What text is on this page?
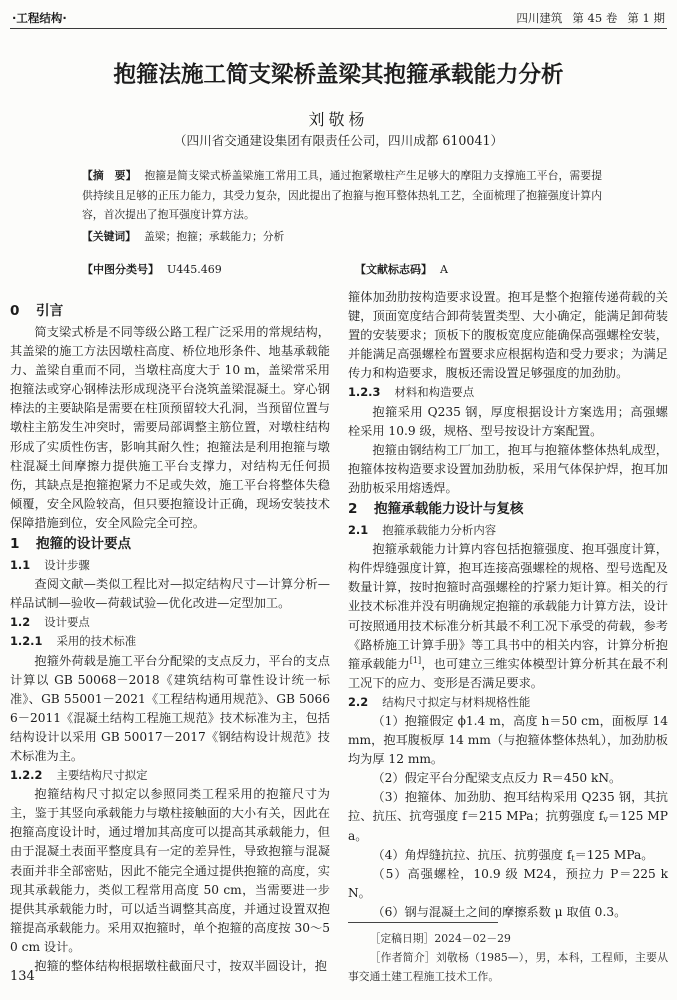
·工程结构·	四川建筑 第 45 卷 第 1 期
抱箍法施工简支梁桥盖梁其抱箍承载能力分析
刘敬杨
（四川省交通建设集团有限责任公司，四川成都 610041）
【摘　要】 抱箍是简支梁式桥盖梁施工常用工具，通过抱紧墩柱产生足够大的摩阻力支撑施工平台，需要提供持续且足够的正压力能力，其受力复杂，因此提出了抱箍与抱耳整体热轧工艺，全面梳理了抱箍强度计算内容，首次提出了抱耳强度计算方法。
【关键词】 盖梁；抱箍；承载能力；分析
【中图分类号】 U445.469	【文献标志码】 A
0 引言

简支梁式桥是不同等级公路工程广泛采用的常规结构，其盖梁的施工方法因墩柱高度、桥位地形条件、地基承载能力、盖梁自重而不同，当墩柱高度大于 10 m，盖梁常采用抱箍法或穿心钢棒法形成现浇平台浇筑盖梁混凝土。穿心钢棒法的主要缺陷是需要在柱顶预留较大孔洞，当预留位置与墩柱主筋发生冲突时，需要局部调整主筋位置，对墩柱结构形成了实质性伤害，影响其耐久性；抱箍法是利用抱箍与墩柱混凝土间摩擦力提供施工平台支撑力，对结构无任何损伤，其缺点是抱箍抱紧力不足或失效，施工平台将整体失稳倾覆，安全风险较高，但只要抱箍设计正确，现场安装技术保障措施到位，安全风险完全可控。

1 抱箍的设计要点
1.1 设计步骤

查阅文献—类似工程比对—拟定结构尺寸—计算分析—样品试制—验收—荷载试验—优化改进—定型加工。

1.2 设计要点
1.2.1 采用的技术标准

抱箍外荷载是施工平台分配梁的支点反力，平台的支点计算以 GB 50068－2018《建筑结构可靠性设计统一标准》、GB 55001－2021《工程结构通用规范》、GB 50666－2011《混凝土结构工程施工规范》技术标准为主，包括结构设计以采用 GB 50017－2017《钢结构设计规范》技术标准为主。

1.2.2 主要结构尺寸拟定

抱箍结构尺寸拟定以参照同类工程采用的抱箍尺寸为主，鉴于其竖向承载能力与墩柱接触面的大小有关，因此在抱箍高度设计时，通过增加其高度可以提高其承载能力，但由于混凝土表面平整度具有一定的差异性，导致抱箍与混凝表面并非全部密贴，因此不能完全通过提供抱箍的高度，实现其承载能力，类似工程常用高度 50 cm，当需要进一步提供其承载能力时，可以适当调整其高度，并通过设置双抱箍提高承载能力。采用双抱箍时，单个抱箍的高度按 30～50 cm 设计。

抱箍的整体结构根据墩柱截面尺寸，按双半圆设计，抱

箍体加劲肋按构造要求设置。抱耳是整个抱箍传递荷载的关键，顶面宽度结合卸荷装置类型、大小确定，能满足卸荷装置的安装要求；顶板下的腹板宽度应能确保高强螺栓安装，并能满足高强螺栓布置要求应根据构造和受力要求；为满足传力和构造要求，腹板还需设置足够强度的加劲肋。

1.2.3 材料和构造要点

抱箍采用 Q235 钢，厚度根据设计方案选用；高强螺栓采用 10.9 级，规格、型号按设计方案配置。

抱箍由钢结构工厂加工，抱耳与抱箍体整体热轧成型，抱箍体按构造要求设置加劲肋板，采用气体保护焊，抱耳加劲肋板采用熔透焊。

2 抱箍承载能力设计与复核
2.1 抱箍承载能力分析内容

抱箍承载能力计算内容包括抱箍强度、抱耳强度计算，构件焊缝强度计算，抱耳连接高强螺栓的规格、型号选配及数量计算，按时抱箍时高强螺栓的拧紧力矩计算。相关的行业技术标准并没有明确规定抱箍的承载能力计算方法，设计可按照通用技术标准分析其最不利工况下承受的荷载，参考《路桥施工计算手册》等工具书中的相关内容，计算分析抱箍承载能力[1]，也可建立三维实体模型计算分析其在最不利工况下的应力、变形是否满足要求。

2.2 结构尺寸拟定与材料规格性能

（1）抱箍假定 ϕ1.4 m，高度 h＝50 cm，面板厚 14 mm，抱耳腹板厚 14 mm（与抱箍体整体热轧），加劲肋板均为厚 12 mm。

（2）假定平台分配梁支点反力 R＝450 kN。

（3）抱箍体、加劲肋、抱耳结构采用 Q235 钢，其抗拉、抗压、抗弯强度 f＝215 MPa；抗剪强度 $f_v=125$ MPa。

（4）角焊缝抗拉、抗压、抗剪强度 $f_t=125$ MPa。

（5）高强螺栓，10.9 级 M24，预拉力 P＝225 kN。

（6）钢与混凝土之间的摩擦系数 μ 取值 0.3。

［定稿日期］2024－02－29

［作者简介］刘敬杨（1985—），男，本科，工程师，主要从事交通土建工程施工技术工作。

134
